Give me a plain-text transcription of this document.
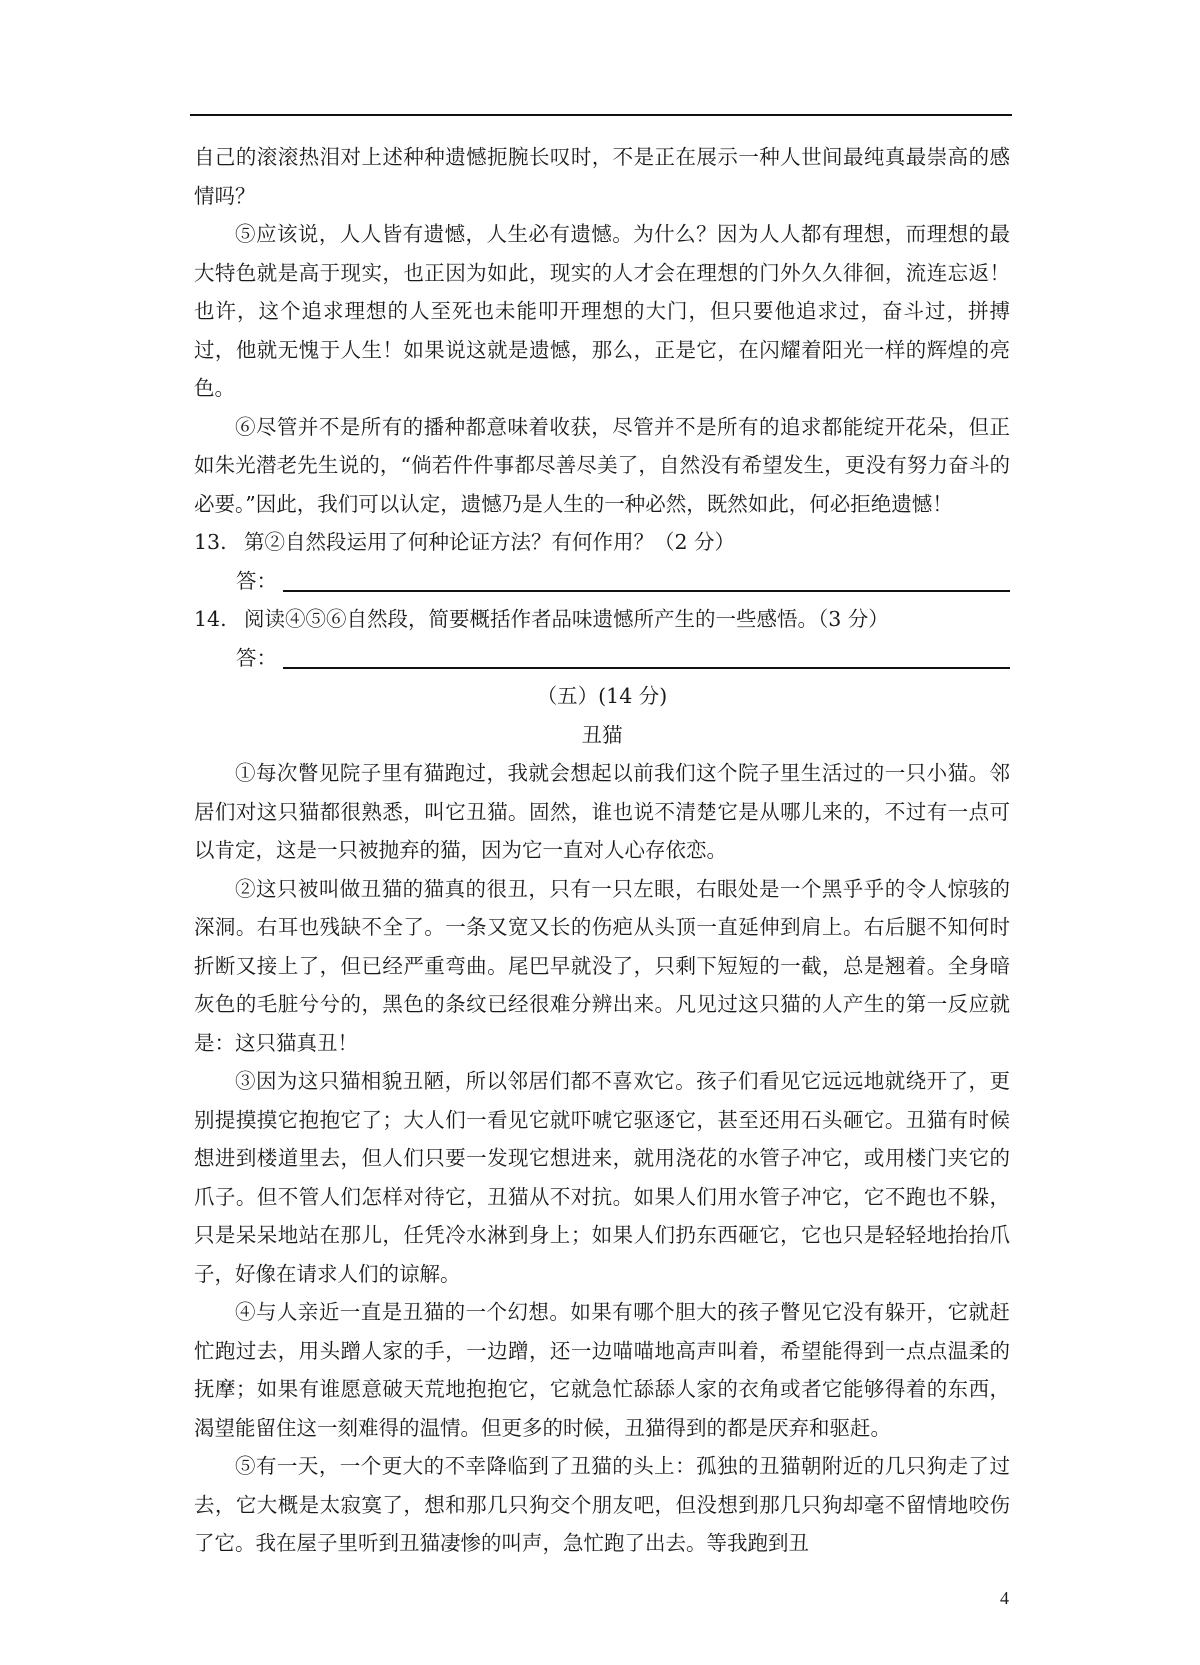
自己的滚滚热泪对上述种种遗憾扼腕长叹时，不是正在展示一种人世间最纯真最崇高的感情吗？

⑤应该说，人人皆有遗憾，人生必有遗憾。为什么？因为人人都有理想，而理想的最大特色就是高于现实，也正因为如此，现实的人才会在理想的门外久久徘徊，流连忘返！也许，这个追求理想的人至死也未能叩开理想的大门，但只要他追求过，奋斗过，拼搏过，他就无愧于人生！如果说这就是遗憾，那么，正是它，在闪耀着阳光一样的辉煌的亮色。

⑥尽管并不是所有的播种都意味着收获，尽管并不是所有的追求都能绽开花朵，但正如朱光潜老先生说的，“倘若件件事都尽善尽美了，自然没有希望发生，更没有努力奋斗的必要。”因此，我们可以认定，遗憾乃是人生的一种必然，既然如此，何必拒绝遗憾！

13. 第②自然段运用了何种论证方法？有何作用？（2 分）

答：

14. 阅读④⑤⑥自然段，简要概括作者品味遗憾所产生的一些感悟。（3 分）

答：

（五）(14 分)

丑猫

①每次瞥见院子里有猫跑过，我就会想起以前我们这个院子里生活过的一只小猫。邻居们对这只猫都很熟悉，叫它丑猫。固然，谁也说不清楚它是从哪儿来的，不过有一点可以肯定，这是一只被抛弃的猫，因为它一直对人心存依恋。

②这只被叫做丑猫的猫真的很丑，只有一只左眼，右眼处是一个黑乎乎的令人惊骇的深洞。右耳也残缺不全了。一条又宽又长的伤疤从头顶一直延伸到肩上。右后腿不知何时折断又接上了，但已经严重弯曲。尾巴早就没了，只剩下短短的一截，总是翘着。全身暗灰色的毛脏兮兮的，黑色的条纹已经很难分辨出来。凡见过这只猫的人产生的第一反应就是：这只猫真丑！

③因为这只猫相貌丑陋，所以邻居们都不喜欢它。孩子们看见它远远地就绕开了，更别提摸摸它抱抱它了；大人们一看见它就吓唬它驱逐它，甚至还用石头砸它。丑猫有时候想进到楼道里去，但人们只要一发现它想进来，就用浇花的水管子冲它，或用楼门夹它的爪子。但不管人们怎样对待它，丑猫从不对抗。如果人们用水管子冲它，它不跑也不躲，只是呆呆地站在那儿，任凭冷水淋到身上；如果人们扔东西砸它，它也只是轻轻地抬抬爪子，好像在请求人们的谅解。

④与人亲近一直是丑猫的一个幻想。如果有哪个胆大的孩子瞥见它没有躲开，它就赶忙跑过去，用头蹭人家的手，一边蹭，还一边喵喵地高声叫着，希望能得到一点点温柔的抚摩；如果有谁愿意破天荒地抱抱它，它就急忙舔舔人家的衣角或者它能够得着的东西，渴望能留住这一刻难得的温情。但更多的时候，丑猫得到的都是厌弃和驱赶。

⑤有一天，一个更大的不幸降临到了丑猫的头上：孤独的丑猫朝附近的几只狗走了过去，它大概是太寂寞了，想和那几只狗交个朋友吧，但没想到那几只狗却毫不留情地咬伤了它。我在屋子里听到丑猫凄惨的叫声，急忙跑了出去。等我跑到丑

4
